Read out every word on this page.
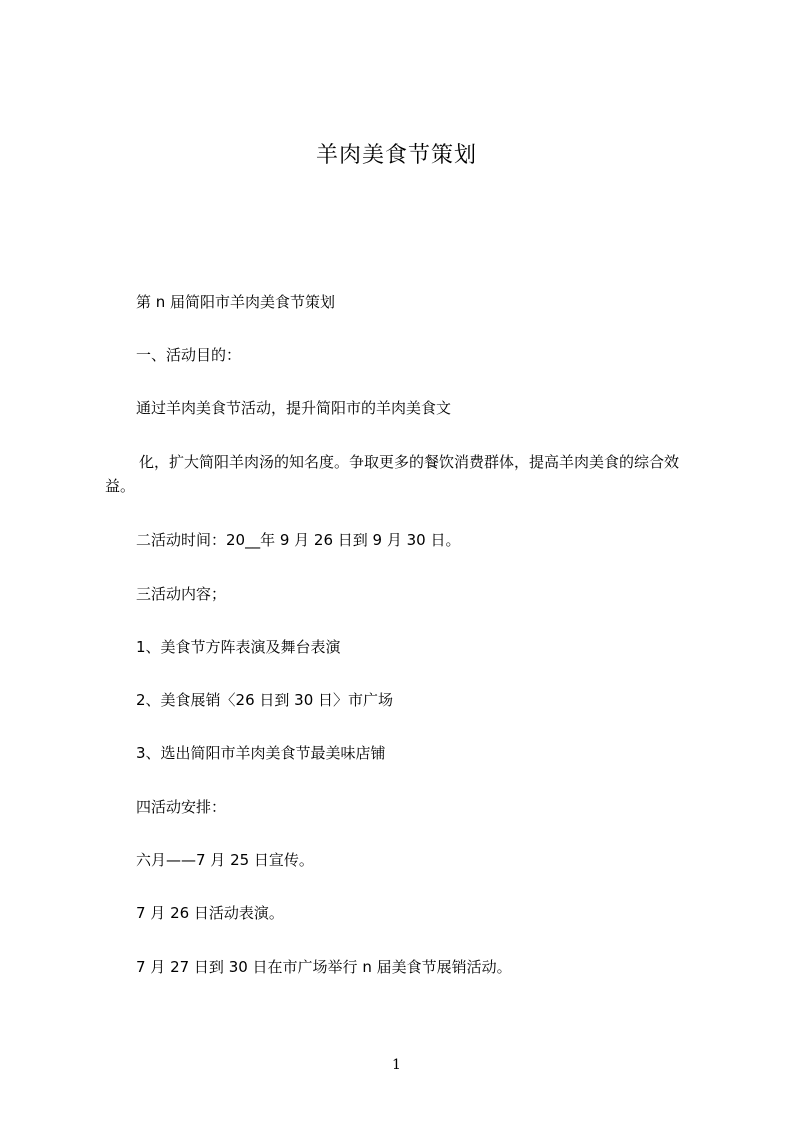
羊肉美食节策划
第 n 届简阳市羊肉美食节策划
一、活动目的：
通过羊肉美食节活动，提升简阳市的羊肉美食文
化，扩大简阳羊肉汤的知名度。争取更多的餐饮消费群体，提高羊肉美食的综合效益。
二活动时间：20__年 9 月 26 日到 9 月 30 日。
三活动内容；
1、美食节方阵表演及舞台表演
2、美食展销〈26 日到 30 日〉市广场
3、选出简阳市羊肉美食节最美味店铺
四活动安排：
六月——7 月 25 日宣传。
7 月 26 日活动表演。
7 月 27 日到 30 日在市广场举行 n 届美食节展销活动。
1
